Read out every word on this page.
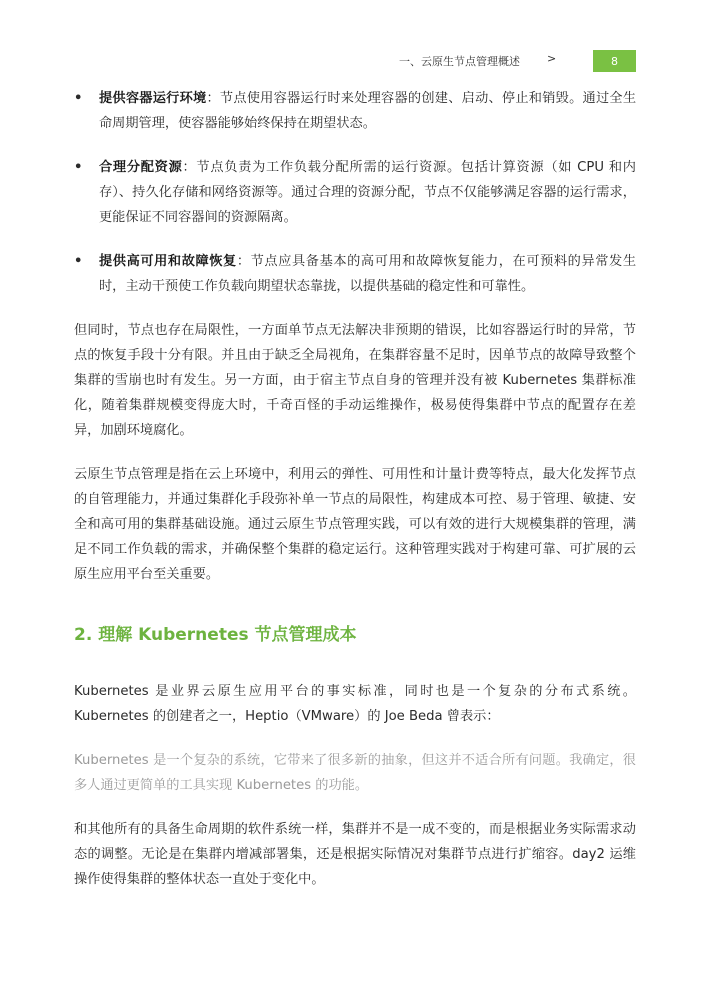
一、云原生节点管理概述 >	8
• 提供容器运行环境：节点使用容器运行时来处理容器的创建、启动、停止和销毁。通过全生命周期管理，使容器能够始终保持在期望状态。
• 合理分配资源：节点负责为工作负载分配所需的运行资源。包括计算资源（如 CPU 和内存）、持久化存储和网络资源等。通过合理的资源分配，节点不仅能够满足容器的运行需求，更能保证不同容器间的资源隔离。
• 提供高可用和故障恢复：节点应具备基本的高可用和故障恢复能力，在可预料的异常发生时，主动干预使工作负载向期望状态靠拢，以提供基础的稳定性和可靠性。

但同时，节点也存在局限性，一方面单节点无法解决非预期的错误，比如容器运行时的异常，节点的恢复手段十分有限。并且由于缺乏全局视角，在集群容量不足时，因单节点的故障导致整个集群的雪崩也时有发生。另一方面，由于宿主节点自身的管理并没有被 Kubernetes 集群标准化，随着集群规模变得庞大时，千奇百怪的手动运维操作，极易使得集群中节点的配置存在差异，加剧环境腐化。

云原生节点管理是指在云上环境中，利用云的弹性、可用性和计量计费等特点，最大化发挥节点的自管理能力，并通过集群化手段弥补单一节点的局限性，构建成本可控、易于管理、敏捷、安全和高可用的集群基础设施。通过云原生节点管理实践，可以有效的进行大规模集群的管理，满足不同工作负载的需求，并确保整个集群的稳定运行。这种管理实践对于构建可靠、可扩展的云原生应用平台至关重要。

2. 理解 Kubernetes 节点管理成本

Kubernetes 是业界云原生应用平台的事实标准，同时也是一个复杂的分布式系统。Kubernetes 的创建者之一，Heptio（VMware）的 Joe Beda 曾表示：

Kubernetes 是一个复杂的系统，它带来了很多新的抽象，但这并不适合所有问题。我确定，很多人通过更简单的工具实现 Kubernetes 的功能。

和其他所有的具备生命周期的软件系统一样，集群并不是一成不变的，而是根据业务实际需求动态的调整。无论是在集群内增减部署集，还是根据实际情况对集群节点进行扩缩容。day2 运维操作使得集群的整体状态一直处于变化中。
